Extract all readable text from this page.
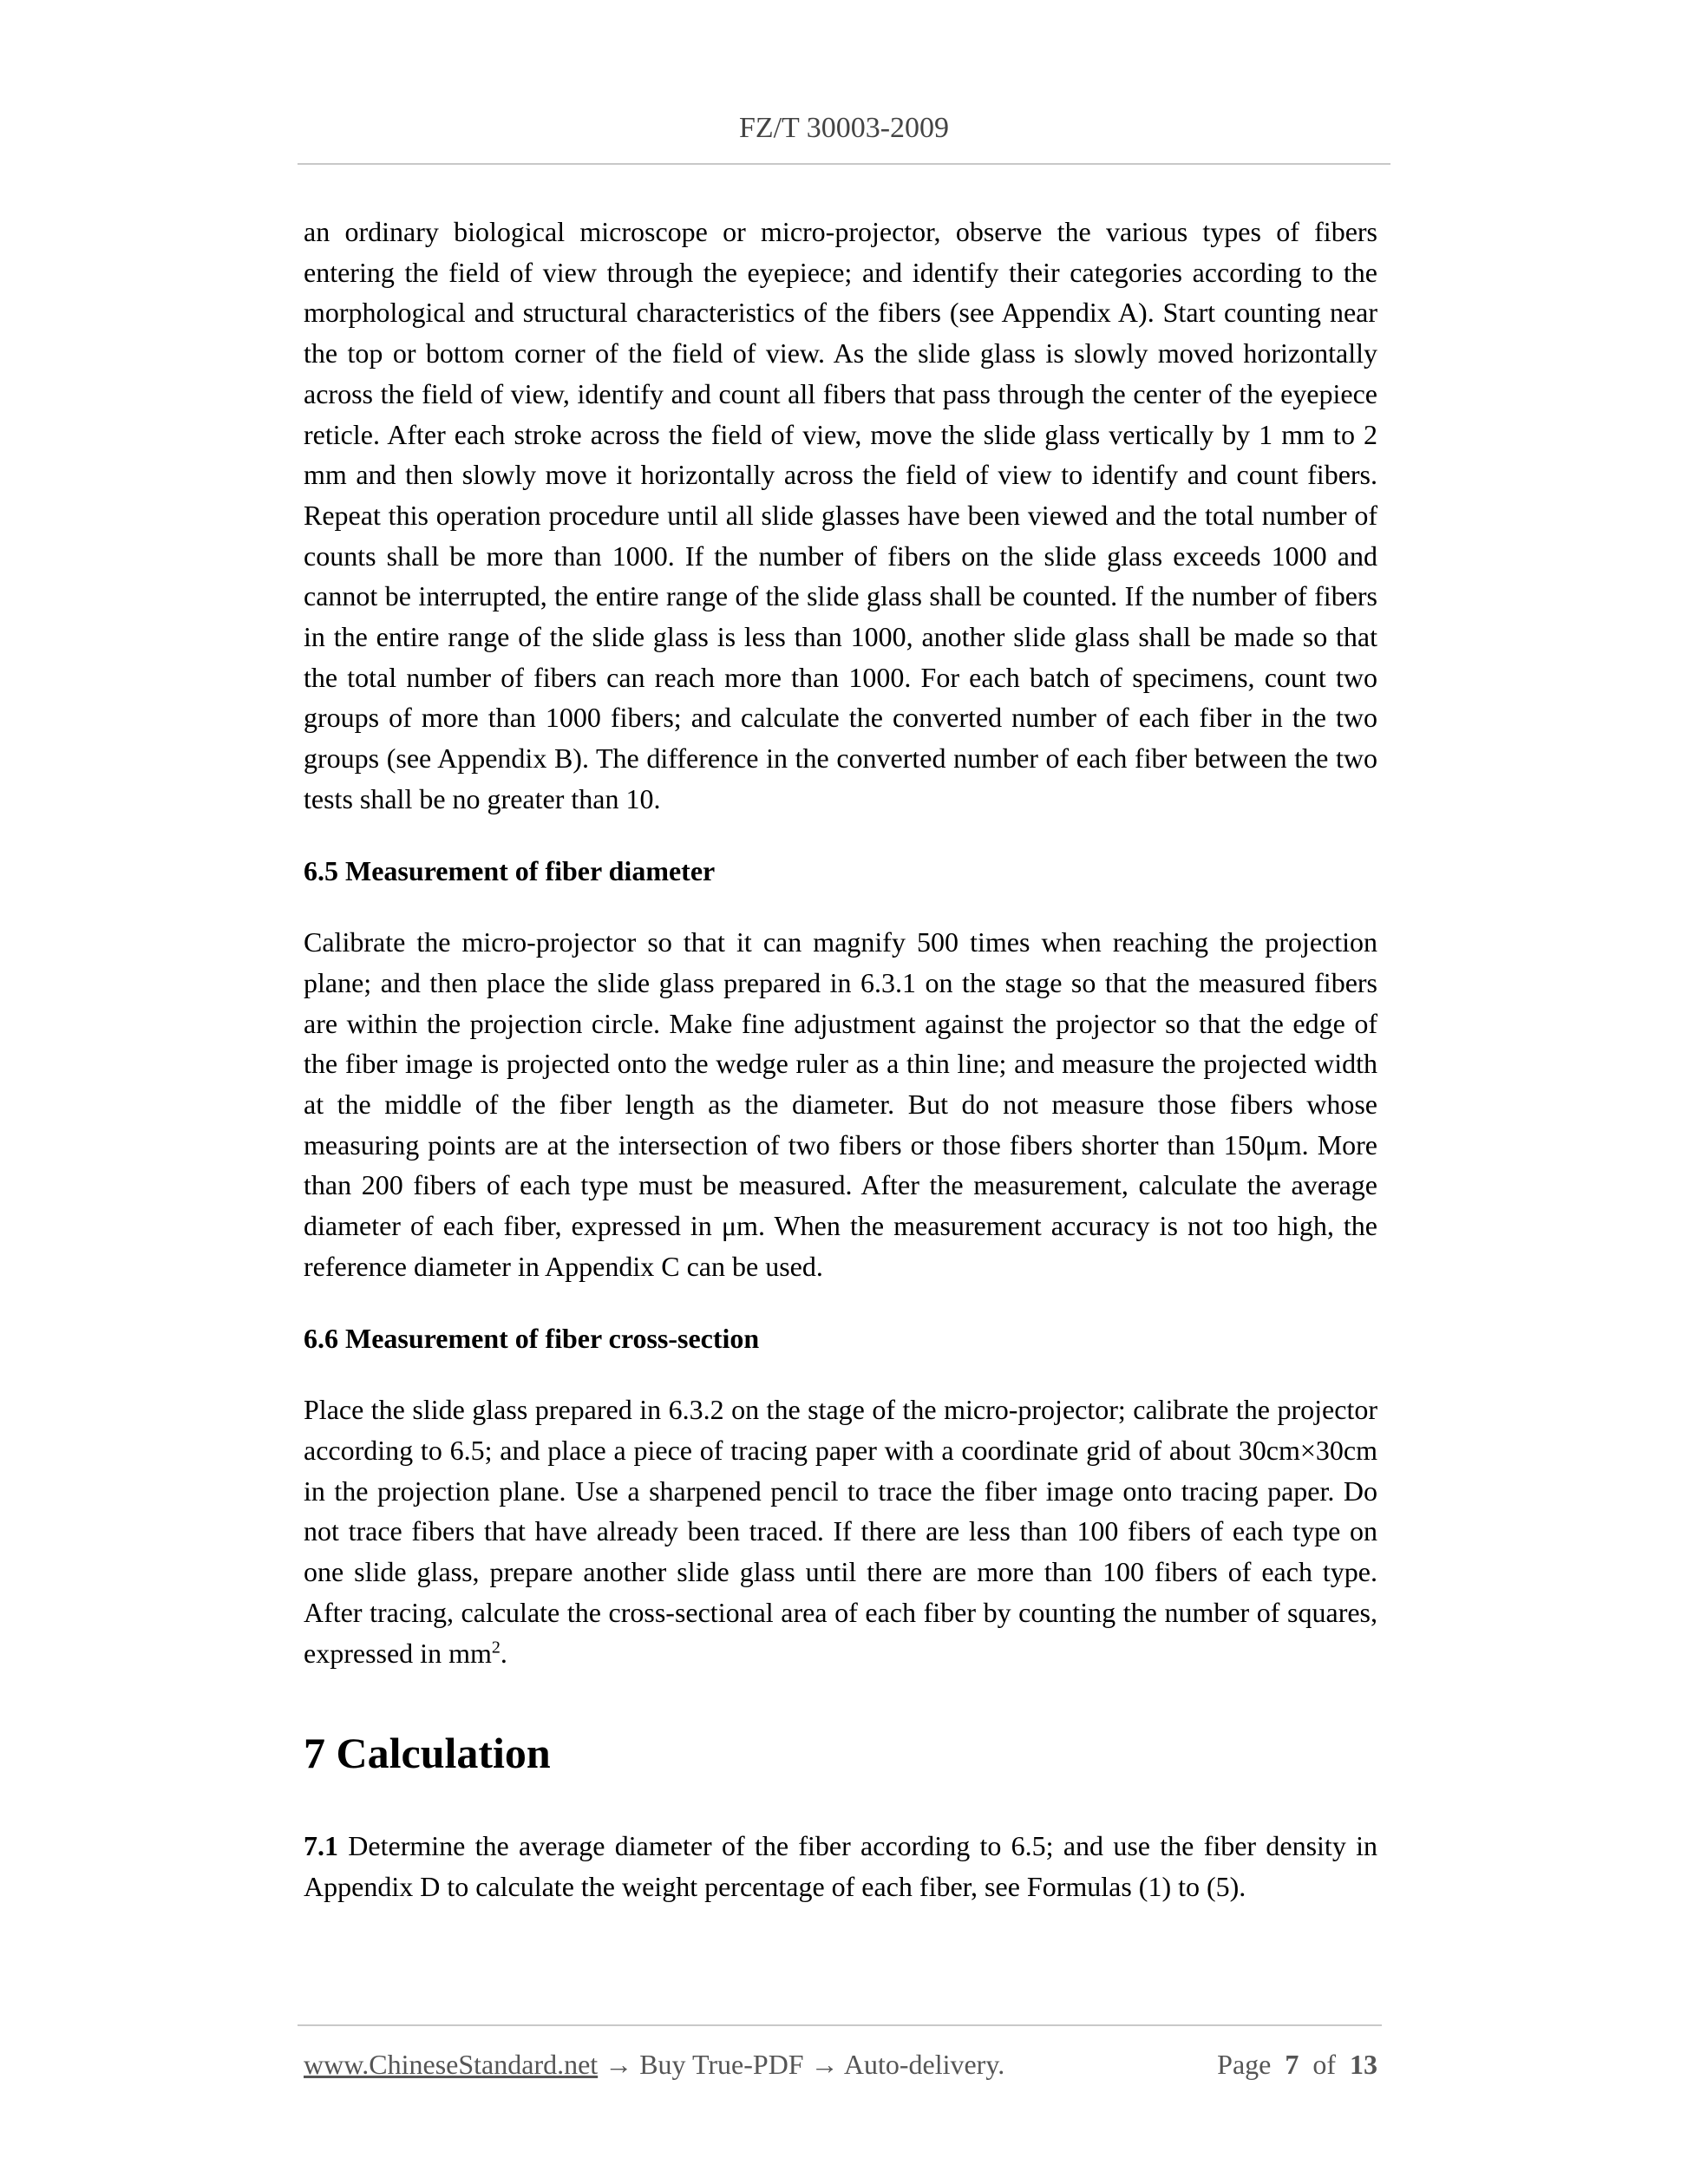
FZ/T 30003-2009

an ordinary biological microscope or micro-projector, observe the various types of fibers entering the field of view through the eyepiece; and identify their categories according to the morphological and structural characteristics of the fibers (see Appendix A). Start counting near the top or bottom corner of the field of view. As the slide glass is slowly moved horizontally across the field of view, identify and count all fibers that pass through the center of the eyepiece reticle. After each stroke across the field of view, move the slide glass vertically by 1 mm to 2 mm and then slowly move it horizontally across the field of view to identify and count fibers. Repeat this operation procedure until all slide glasses have been viewed and the total number of counts shall be more than 1000. If the number of fibers on the slide glass exceeds 1000 and cannot be interrupted, the entire range of the slide glass shall be counted. If the number of fibers in the entire range of the slide glass is less than 1000, another slide glass shall be made so that the total number of fibers can reach more than 1000. For each batch of specimens, count two groups of more than 1000 fibers; and calculate the converted number of each fiber in the two groups (see Appendix B). The difference in the converted number of each fiber between the two tests shall be no greater than 10.

6.5 Measurement of fiber diameter

Calibrate the micro-projector so that it can magnify 500 times when reaching the projection plane; and then place the slide glass prepared in 6.3.1 on the stage so that the measured fibers are within the projection circle. Make fine adjustment against the projector so that the edge of the fiber image is projected onto the wedge ruler as a thin line; and measure the projected width at the middle of the fiber length as the diameter. But do not measure those fibers whose measuring points are at the intersection of two fibers or those fibers shorter than 150μm. More than 200 fibers of each type must be measured. After the measurement, calculate the average diameter of each fiber, expressed in μm. When the measurement accuracy is not too high, the reference diameter in Appendix C can be used.

6.6 Measurement of fiber cross-section

Place the slide glass prepared in 6.3.2 on the stage of the micro-projector; calibrate the projector according to 6.5; and place a piece of tracing paper with a coordinate grid of about 30cm×30cm in the projection plane. Use a sharpened pencil to trace the fiber image onto tracing paper. Do not trace fibers that have already been traced. If there are less than 100 fibers of each type on one slide glass, prepare another slide glass until there are more than 100 fibers of each type. After tracing, calculate the cross-sectional area of each fiber by counting the number of squares, expressed in $mm^2$.

7 Calculation

7.1 Determine the average diameter of the fiber according to 6.5; and use the fiber density in Appendix D to calculate the weight percentage of each fiber, see Formulas (1) to (5).

www.ChineseStandard.net → Buy True-PDF → Auto-delivery.	Page 7 of 13
